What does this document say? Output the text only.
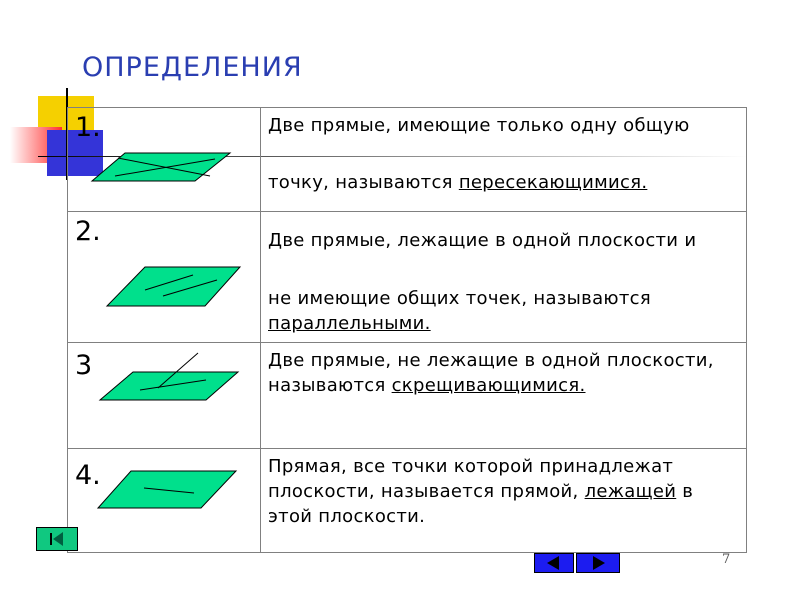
ОПРЕДЕЛЕНИЯ
1.	Две прямые, имеющие только одну общую
точку, называются пересекающимися.
2.	Две прямые, лежащие в одной плоскости и
не имеющие общих точек, называются параллельными.
3	Две прямые, не лежащие в одной плоскости, называются скрещивающимися.
4.	Прямая, все точки которой принадлежат плоскости, называется прямой, лежащей в этой плоскости.
7
